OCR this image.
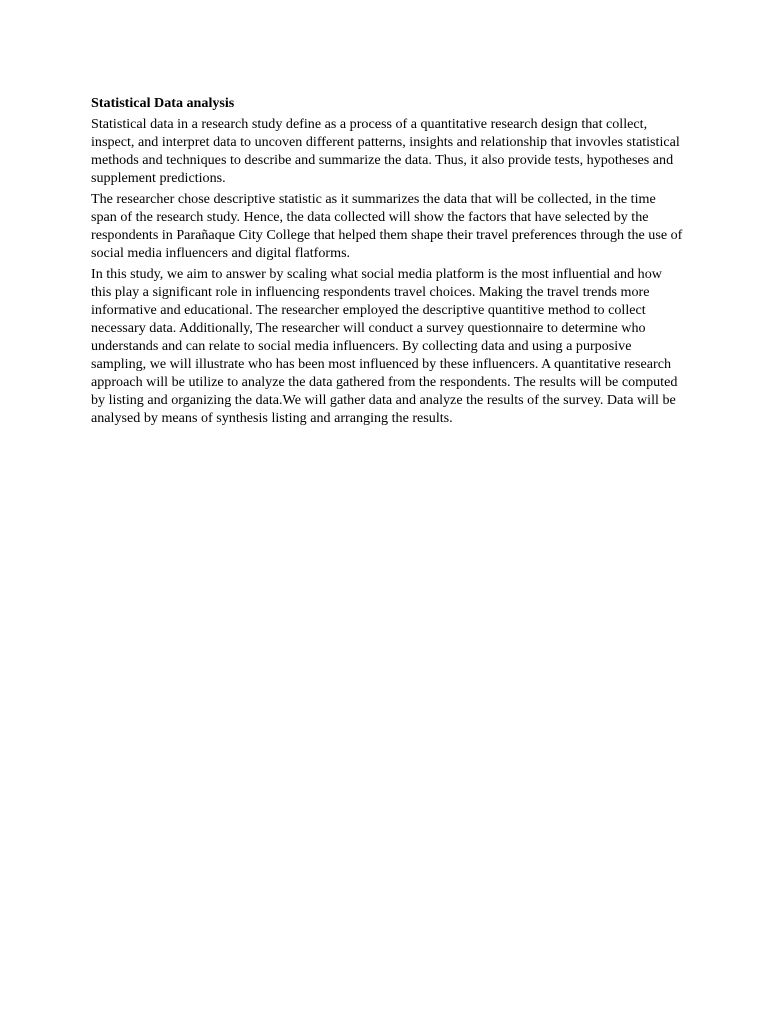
Statistical Data analysis

Statistical data in a research study define as a process of a quantitative research design that collect, inspect, and interpret data to uncoven different patterns, insights and relationship that invovles statistical methods and techniques to describe and summarize the data. Thus, it also provide tests, hypotheses and supplement predictions.

The researcher chose descriptive statistic as it summarizes the data that will be collected, in the time span of the research study. Hence, the data collected will show the factors that have selected by the respondents in Parañaque City College that helped them shape their travel preferences through the use of social media influencers and digital flatforms.

In this study, we aim to answer by scaling what social media platform is the most influential and how this play a significant role in influencing respondents travel choices. Making the travel trends more informative and educational. The researcher employed the descriptive quantitive method to collect necessary data. Additionally, The researcher will conduct a survey questionnaire to determine who understands and can relate to social media influencers. By collecting data and using a purposive sampling, we will illustrate who has been most influenced by these influencers. A quantitative research approach will be utilize to analyze the data gathered from the respondents. The results will be computed by listing and organizing the data.We will gather data and analyze the results of the survey. Data will be analysed by means of synthesis listing and arranging the results.
